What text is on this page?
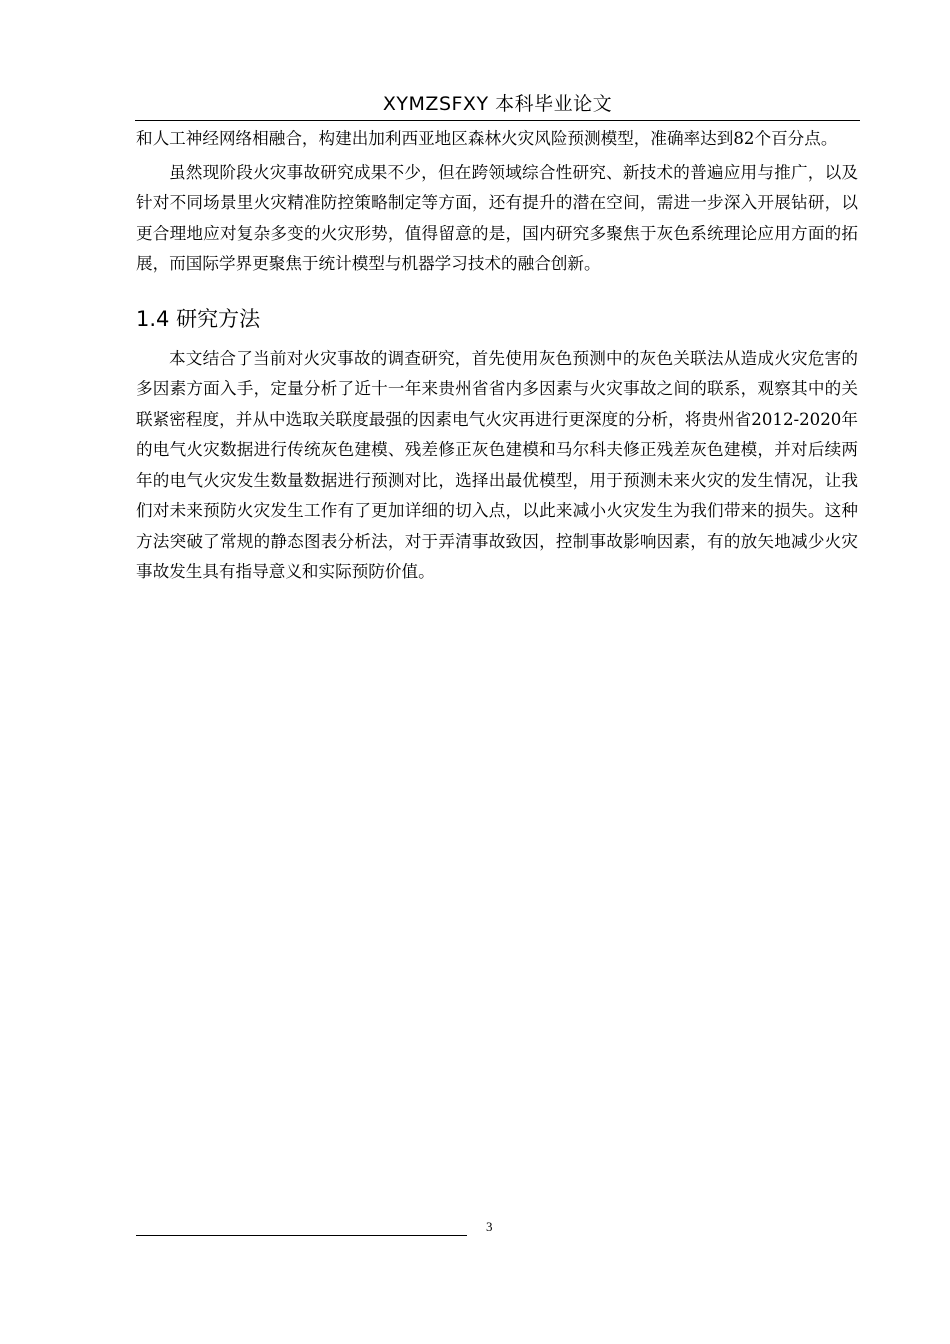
XYMZSFXY 本科毕业论文

和人工神经网络相融合，构建出加利西亚地区森林火灾风险预测模型，准确率达到82个百分点。

虽然现阶段火灾事故研究成果不少，但在跨领域综合性研究、新技术的普遍应用与推广，以及针对不同场景里火灾精准防控策略制定等方面，还有提升的潜在空间，需进一步深入开展钻研，以更合理地应对复杂多变的火灾形势，值得留意的是，国内研究多聚焦于灰色系统理论应用方面的拓展，而国际学界更聚焦于统计模型与机器学习技术的融合创新。

1.4 研究方法

本文结合了当前对火灾事故的调查研究，首先使用灰色预测中的灰色关联法从造成火灾危害的多因素方面入手，定量分析了近十一年来贵州省省内多因素与火灾事故之间的联系，观察其中的关联紧密程度，并从中选取关联度最强的因素电气火灾再进行更深度的分析，将贵州省2012-2020年的电气火灾数据进行传统灰色建模、残差修正灰色建模和马尔科夫修正残差灰色建模，并对后续两年的电气火灾发生数量数据进行预测对比，选择出最优模型，用于预测未来火灾的发生情况，让我们对未来预防火灾发生工作有了更加详细的切入点，以此来减小火灾发生为我们带来的损失。这种方法突破了常规的静态图表分析法，对于弄清事故致因，控制事故影响因素，有的放矢地减少火灾事故发生具有指导意义和实际预防价值。

3
